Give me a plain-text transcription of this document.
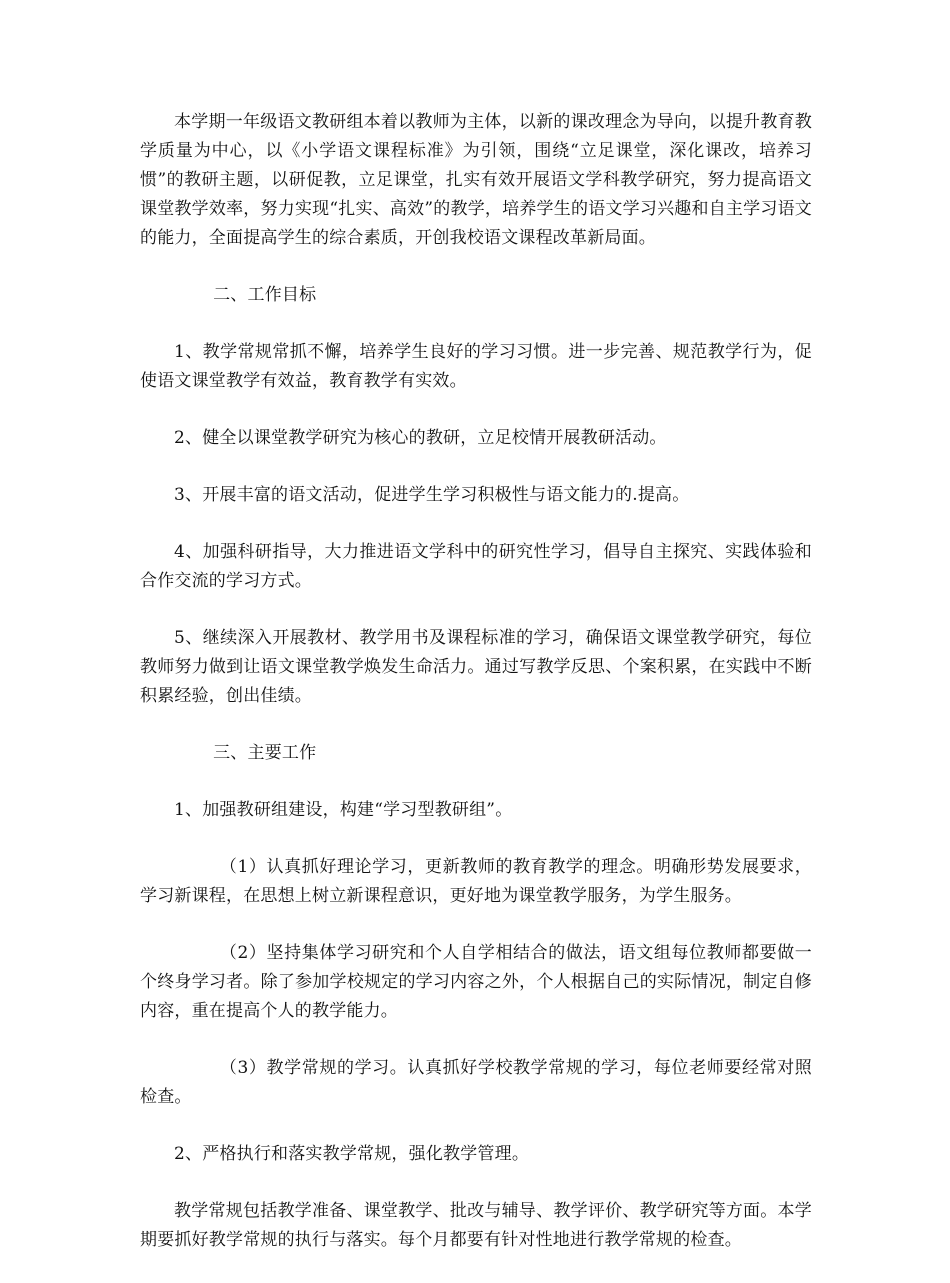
本学期一年级语文教研组本着以教师为主体，以新的课改理念为导向，以提升教育教学质量为中心，以《小学语文课程标准》为引领，围绕“立足课堂，深化课改，培养习惯”的教研主题，以研促教，立足课堂，扎实有效开展语文学科教学研究，努力提高语文课堂教学效率，努力实现“扎实、高效”的教学，培养学生的语文学习兴趣和自主学习语文的能力，全面提高学生的综合素质，开创我校语文课程改革新局面。

二、工作目标

1、教学常规常抓不懈，培养学生良好的学习习惯。进一步完善、规范教学行为，促使语文课堂教学有效益，教育教学有实效。

2、健全以课堂教学研究为核心的教研，立足校情开展教研活动。

3、开展丰富的语文活动，促进学生学习积极性与语文能力的.提高。

4、加强科研指导，大力推进语文学科中的研究性学习，倡导自主探究、实践体验和合作交流的学习方式。

5、继续深入开展教材、教学用书及课程标准的学习，确保语文课堂教学研究，每位教师努力做到让语文课堂教学焕发生命活力。通过写教学反思、个案积累，在实践中不断积累经验，创出佳绩。

三、主要工作

1、加强教研组建设，构建“学习型教研组”。

（1）认真抓好理论学习，更新教师的教育教学的理念。明确形势发展要求，学习新课程，在思想上树立新课程意识，更好地为课堂教学服务，为学生服务。

（2）坚持集体学习研究和个人自学相结合的做法，语文组每位教师都要做一个终身学习者。除了参加学校规定的学习内容之外，个人根据自己的实际情况，制定自修内容，重在提高个人的教学能力。

（3）教学常规的学习。认真抓好学校教学常规的学习，每位老师要经常对照检查。

2、严格执行和落实教学常规，强化教学管理。

教学常规包括教学准备、课堂教学、批改与辅导、教学评价、教学研究等方面。本学期要抓好教学常规的执行与落实。每个月都要有针对性地进行教学常规的检查。
